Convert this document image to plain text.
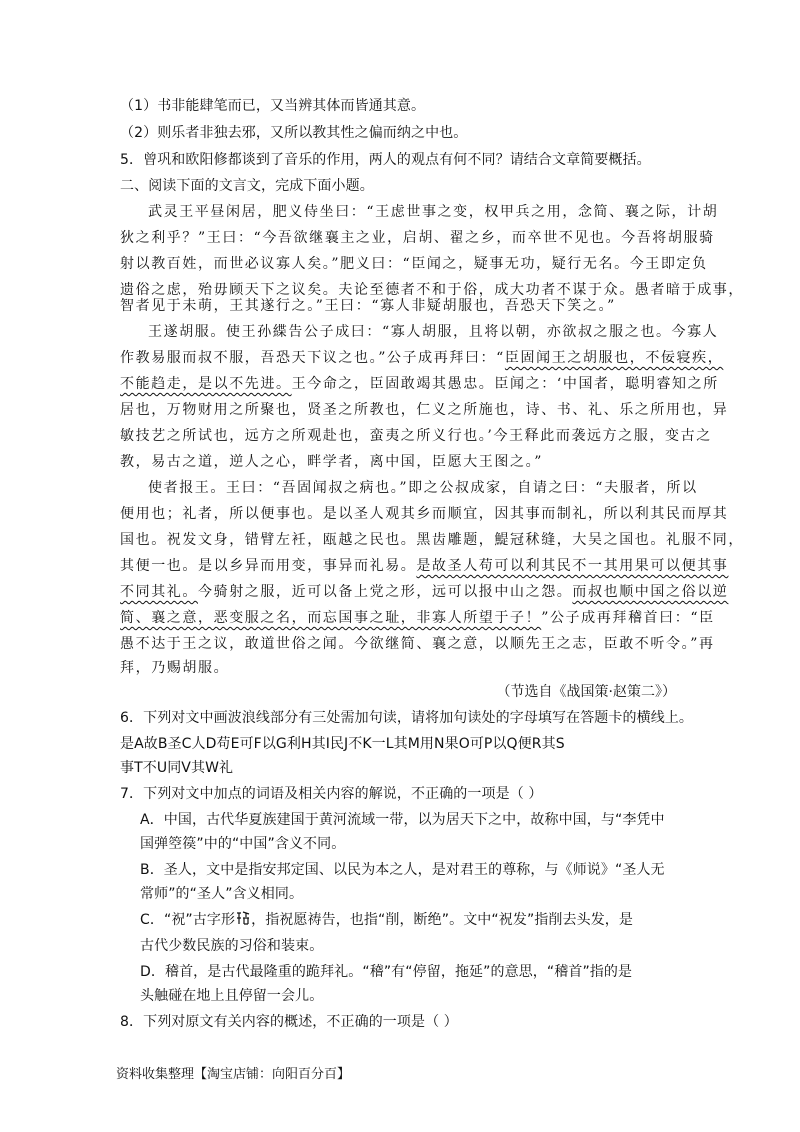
（1）书非能肆笔而已，又当辨其体而皆通其意。
（2）则乐者非独去邪，又所以教其性之偏而纳之中也。
5．曾巩和欧阳修都谈到了音乐的作用，两人的观点有何不同？请结合文章简要概括。
二、阅读下面的文言文，完成下面小题。
武灵王平昼闲居，肥义侍坐曰：“王虑世事之变，权甲兵之用，念简、襄之际，计胡
狄之利乎？”王曰：“今吾欲继襄主之业，启胡、翟之乡，而卒世不见也。今吾将胡服骑
射以教百姓，而世必议寡人矣。”肥义曰：“臣闻之，疑事无功，疑行无名。今王即定负
遗俗之虑，殆毋顾天下之议矣。夫论至德者不和于俗，成大功者不谋于众。愚者暗于成事，
智者见于未萌，王其遂行之。”王曰：“寡人非疑胡服也，吾恐天下笑之。”
王遂胡服。使王孙緤告公子成曰：“寡人胡服，且将以朝，亦欲叔之服之也。今寡人
作教易服而叔不服，吾恐天下议之也。”公子成再拜曰：“臣固闻王之胡服也，不佞寝疾，
不能趋走，是以不先进。王今命之，臣固敢竭其愚忠。臣闻之：‘中国者，聪明睿知之所
居也，万物财用之所聚也，贤圣之所教也，仁义之所施也，诗、书、礼、乐之所用也，异
敏技艺之所试也，远方之所观赴也，蛮夷之所义行也。’今王释此而袭远方之服，变古之
教，易古之道，逆人之心，畔学者，离中国，臣愿大王图之。”
使者报王。王曰：“吾固闻叔之病也。”即之公叔成家，自请之曰：“夫服者，所以
便用也；礼者，所以便事也。是以圣人观其乡而顺宜，因其事而制礼，所以利其民而厚其
国也。祝发文身，错臂左衽，瓯越之民也。黑齿雕题，鯷冠秫缝，大吴之国也。礼服不同，
其便一也。是以乡异而用变，事异而礼易。是故圣人苟可以利其民不一其用果可以便其事
不同其礼。今骑射之服，近可以备上党之形，远可以报中山之怨。而叔也顺中国之俗以逆
简、襄之意，恶变服之名，而忘国事之耻，非寡人所望于子！”公子成再拜稽首曰：“臣
愚不达于王之议，敢道世俗之闻。今欲继简、襄之意，以顺先王之志，臣敢不听令。”再
拜，乃赐胡服。
（节选自《战国策·赵策二》）
6．下列对文中画波浪线部分有三处需加句读，请将加句读处的字母填写在答题卡的横线上。
是A故B圣C人D苟E可F以G利H其I民J不K一L其M用N果O可P以Q便R其S
事T不U同V其W礼
7．下列对文中加点的词语及相关内容的解说，不正确的一项是（ ）
A．中国，古代华夏族建国于黄河流域一带，以为居天下之中，故称中国，与“李凭中
国弹箜篌”中的“中国”含义不同。
B．圣人，文中是指安邦定国、以民为本之人，是对君王的尊称，与《师说》“圣人无
常师”的“圣人”含义相同。
C．“祝”古字形 ，指祝愿祷告，也指“削，断绝”。文中“祝发”指削去头发，是
古代少数民族的习俗和装束。
D．稽首，是古代最隆重的跪拜礼。“稽”有“停留，拖延”的意思，“稽首”指的是
头触碰在地上且停留一会儿。
8．下列对原文有关内容的概述，不正确的一项是（ ）
资料收集整理【淘宝店铺：向阳百分百】
